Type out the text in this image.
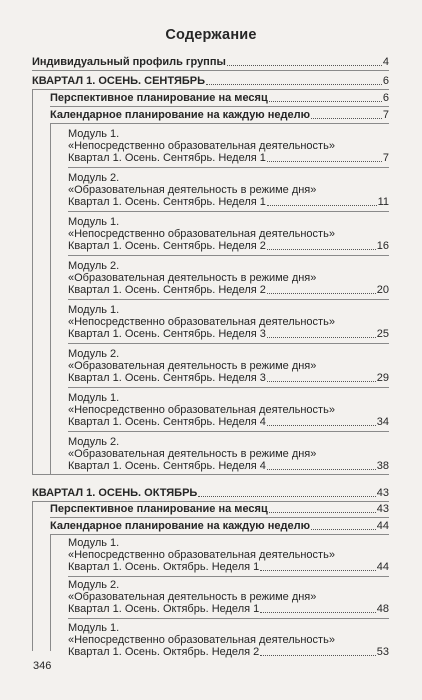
Содержание
Индивидуальный профиль группы	4
КВАРТАЛ 1. ОСЕНЬ. СЕНТЯБРЬ	6
Перспективное планирование на месяц	6
Календарное планирование на каждую неделю	7
Модуль 1.
«Непосредственно образовательная деятельность»
Квартал 1. Осень. Сентябрь. Неделя 1	7
Модуль 2.
«Образовательная деятельность в режиме дня»
Квартал 1. Осень. Сентябрь. Неделя 1	11
Модуль 1.
«Непосредственно образовательная деятельность»
Квартал 1. Осень. Сентябрь. Неделя 2	16
Модуль 2.
«Образовательная деятельность в режиме дня»
Квартал 1. Осень. Сентябрь. Неделя 2	20
Модуль 1.
«Непосредственно образовательная деятельность»
Квартал 1. Осень. Сентябрь. Неделя 3	25
Модуль 2.
«Образовательная деятельность в режиме дня»
Квартал 1. Осень. Сентябрь. Неделя 3	29
Модуль 1.
«Непосредственно образовательная деятельность»
Квартал 1. Осень. Сентябрь. Неделя 4	34
Модуль 2.
«Образовательная деятельность в режиме дня»
Квартал 1. Осень. Сентябрь. Неделя 4	38
КВАРТАЛ 1. ОСЕНЬ. ОКТЯБРЬ	43
Перспективное планирование на месяц	43
Календарное планирование на каждую неделю	44
Модуль 1.
«Непосредственно образовательная деятельность»
Квартал 1. Осень. Октябрь. Неделя 1	44
Модуль 2.
«Образовательная деятельность в режиме дня»
Квартал 1. Осень. Октябрь. Неделя 1	48
Модуль 1.
«Непосредственно образовательная деятельность»
Квартал 1. Осень. Октябрь. Неделя 2	53
346
